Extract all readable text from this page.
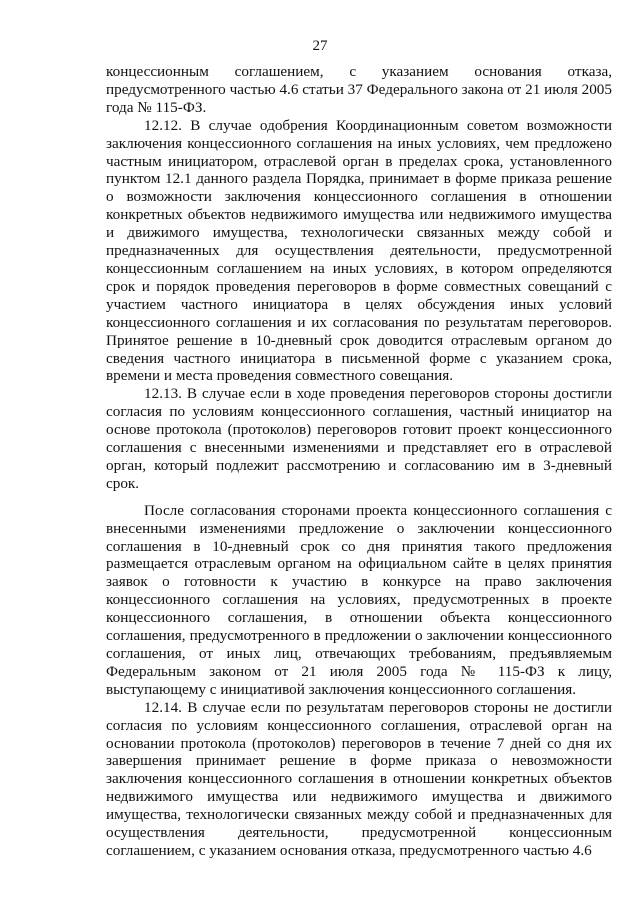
27

концессионным соглашением, с указанием основания отказа, предусмотренного частью 4.6 статьи 37 Федерального закона от 21 июля 2005 года № 115-ФЗ.

12.12. В случае одобрения Координационным советом возможности заключения концессионного соглашения на иных условиях, чем предложено частным инициатором, отраслевой орган в пределах срока, установленного пунктом 12.1 данного раздела Порядка, принимает в форме приказа решение о возможности заключения концессионного соглашения в отношении конкретных объектов недвижимого имущества или недвижимого имущества и движимого имущества, технологически связанных между собой и предназначенных для осуществления деятельности, предусмотренной концессионным соглашением на иных условиях, в котором определяются срок и порядок проведения переговоров в форме совместных совещаний с участием частного инициатора в целях обсуждения иных условий концессионного соглашения и их согласования по результатам переговоров. Принятое решение в 10-дневный срок доводится отраслевым органом до сведения частного инициатора в письменной форме с указанием срока, времени и места проведения совместного совещания.

12.13. В случае если в ходе проведения переговоров стороны достигли согласия по условиям концессионного соглашения, частный инициатор на основе протокола (протоколов) переговоров готовит проект концессионного соглашения с внесенными изменениями и представляет его в отраслевой орган, который подлежит рассмотрению и согласованию им в 3-дневный срок.

После согласования сторонами проекта концессионного соглашения с внесенными изменениями предложение о заключении концессионного соглашения в 10-дневный срок со дня принятия такого предложения размещается отраслевым органом на официальном сайте в целях принятия заявок о готовности к участию в конкурсе на право заключения концессионного соглашения на условиях, предусмотренных в проекте концессионного соглашения, в отношении объекта концессионного соглашения, предусмотренного в предложении о заключении концессионного соглашения, от иных лиц, отвечающих требованиям, предъявляемым Федеральным законом от 21 июля 2005 года № 115-ФЗ к лицу, выступающему с инициативой заключения концессионного соглашения.

12.14. В случае если по результатам переговоров стороны не достигли согласия по условиям концессионного соглашения, отраслевой орган на основании протокола (протоколов) переговоров в течение 7 дней со дня их завершения принимает решение в форме приказа о невозможности заключения концессионного соглашения в отношении конкретных объектов недвижимого имущества или недвижимого имущества и движимого имущества, технологически связанных между собой и предназначенных для осуществления деятельности, предусмотренной концессионным соглашением, с указанием основания отказа, предусмотренного частью 4.6
